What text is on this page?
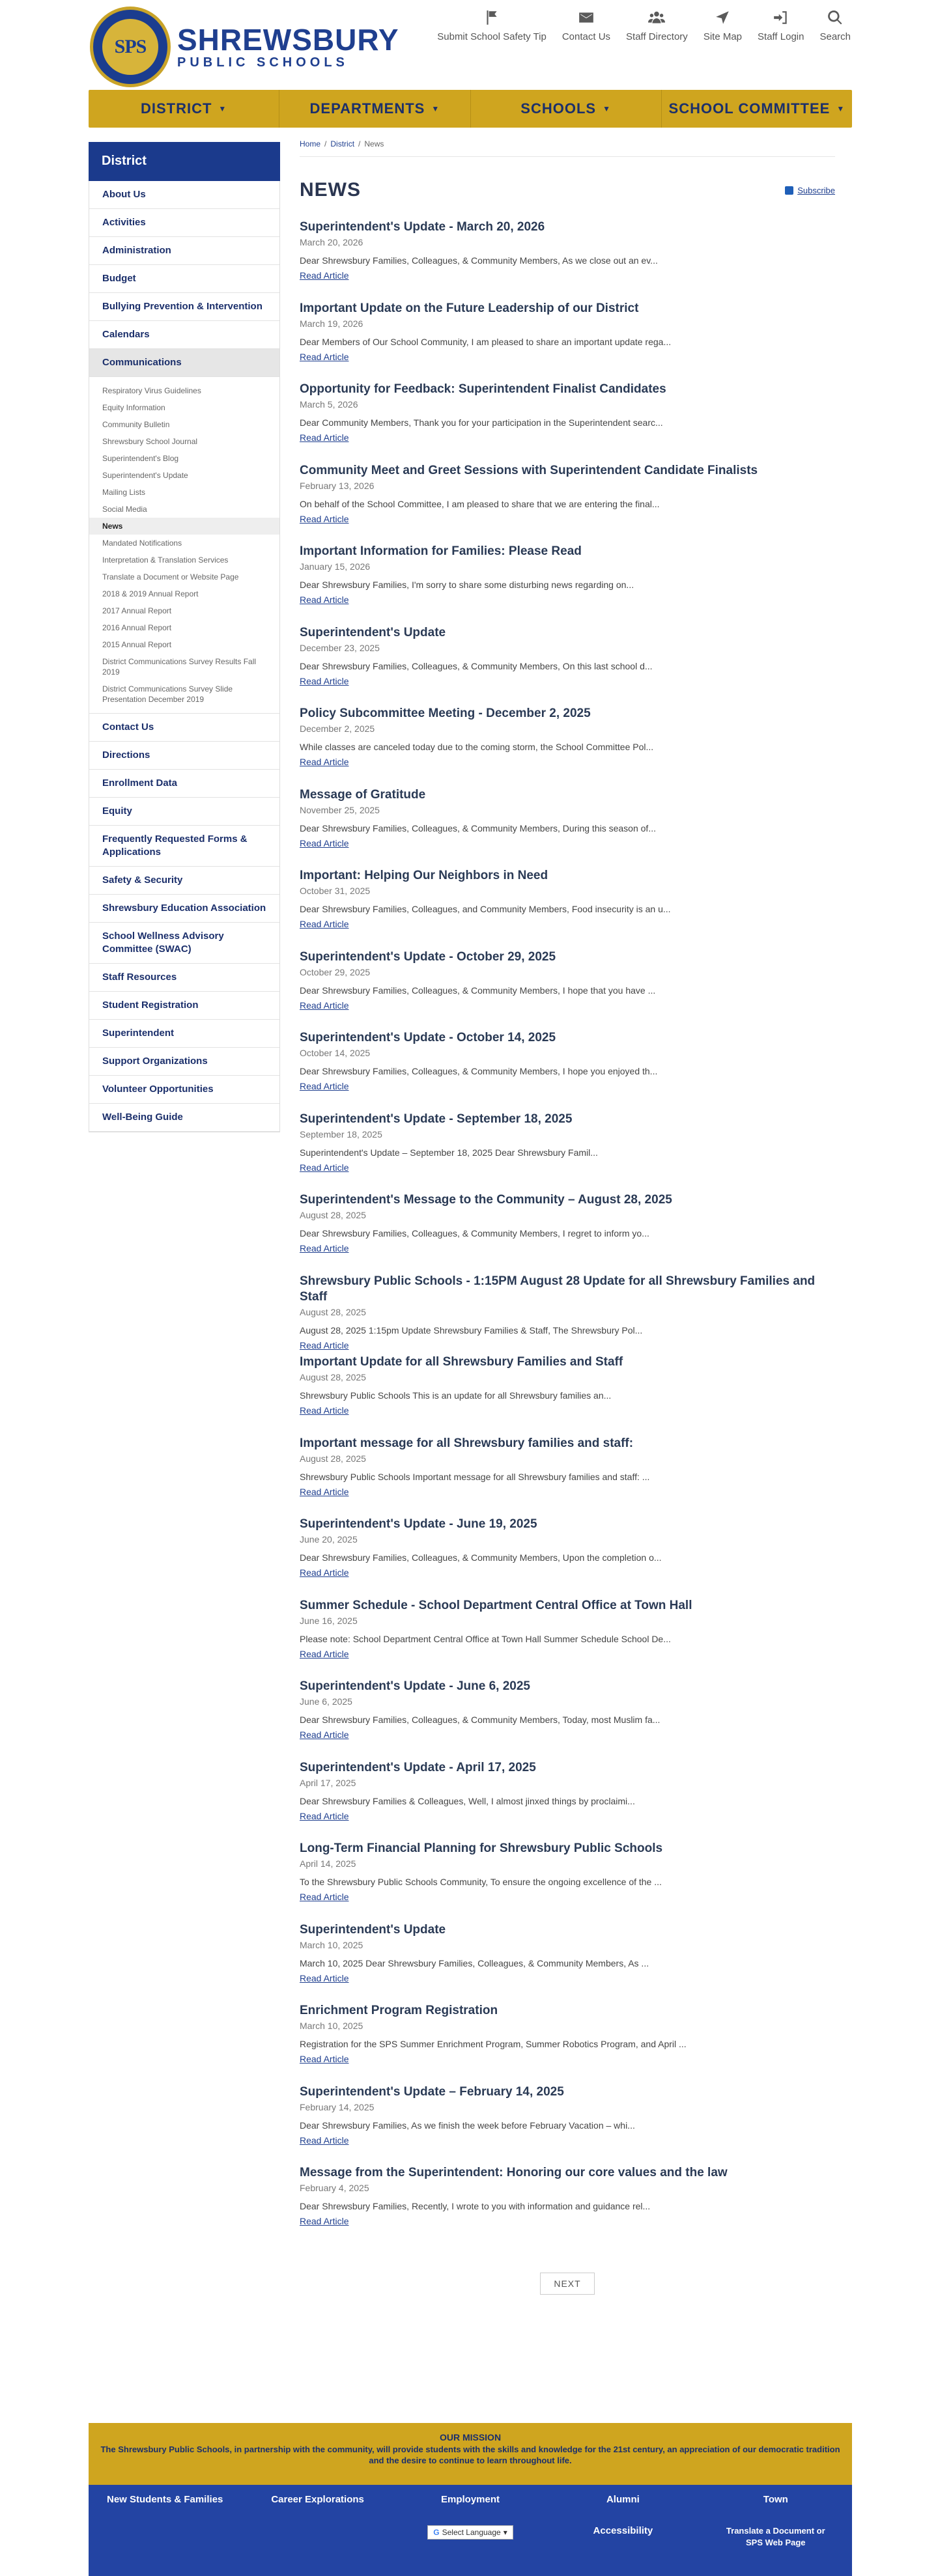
SPS	SHREWSBURY
PUBLIC SCHOOLS
Submit School Safety Tip Contact Us Staff Directory Site Map Staff Login Search
DISTRICT ▼	DEPARTMENTS ▼	SCHOOLS ▼	SCHOOL COMMITTEE ▼
District
About Us
Activities
Administration
Budget
Bullying Prevention & Intervention
Calendars
Communications
Respiratory Virus Guidelines
Equity Information
Community Bulletin
Shrewsbury School Journal
Superintendent's Blog
Superintendent's Update
Mailing Lists
Social Media
News
Mandated Notifications
Interpretation & Translation Services
Translate a Document or Website Page
2018 & 2019 Annual Report
2017 Annual Report
2016 Annual Report
2015 Annual Report
District Communications Survey Results Fall 2019
District Communications Survey Slide Presentation December 2019
Contact Us
Directions
Enrollment Data
Equity
Frequently Requested Forms & Applications
Safety & Security
Shrewsbury Education Association
School Wellness Advisory Committee (SWAC)
Staff Resources
Student Registration
Superintendent
Support Organizations
Volunteer Opportunities
Well-Being Guide
Home / District / News
NEWS	Subscribe
Superintendent's Update - March 20, 2026
March 20, 2026
Dear Shrewsbury Families, Colleagues, & Community Members, As we close out an ev...
Read Article
Important Update on the Future Leadership of our District
March 19, 2026
Dear Members of Our School Community, I am pleased to share an important update rega...
Read Article
Opportunity for Feedback: Superintendent Finalist Candidates
March 5, 2026
Dear Community Members, Thank you for your participation in the Superintendent searc...
Read Article
Community Meet and Greet Sessions with Superintendent Candidate Finalists
February 13, 2026
On behalf of the School Committee, I am pleased to share that we are entering the final...
Read Article
Important Information for Families: Please Read
January 15, 2026
Dear Shrewsbury Families, I'm sorry to share some disturbing news regarding on...
Read Article
Superintendent's Update
December 23, 2025
Dear Shrewsbury Families, Colleagues, & Community Members, On this last school d...
Read Article
Policy Subcommittee Meeting - December 2, 2025
December 2, 2025
While classes are canceled today due to the coming storm, the School Committee Pol...
Read Article
Message of Gratitude
November 25, 2025
Dear Shrewsbury Families, Colleagues, & Community Members, During this season of...
Read Article
Important: Helping Our Neighbors in Need
October 31, 2025
Dear Shrewsbury Families, Colleagues, and Community Members, Food insecurity is an u...
Read Article
Superintendent's Update - October 29, 2025
October 29, 2025
Dear Shrewsbury Families, Colleagues, & Community Members, I hope that you have ...
Read Article
Superintendent's Update - October 14, 2025
October 14, 2025
Dear Shrewsbury Families, Colleagues, & Community Members, I hope you enjoyed th...
Read Article
Superintendent's Update - September 18, 2025
September 18, 2025
Superintendent's Update – September 18, 2025 Dear Shrewsbury Famil...
Read Article
Superintendent's Message to the Community – August 28, 2025
August 28, 2025
Dear Shrewsbury Families, Colleagues, & Community Members, I regret to inform yo...
Read Article
Shrewsbury Public Schools - 1:15PM August 28 Update for all Shrewsbury Families and Staff
August 28, 2025
August 28, 2025 1:15pm Update Shrewsbury Families & Staff, The Shrewsbury Pol...
Read Article
Important Update for all Shrewsbury Families and Staff
August 28, 2025
Shrewsbury Public Schools This is an update for all Shrewsbury families an...
Read Article
Important message for all Shrewsbury families and staff:
August 28, 2025
Shrewsbury Public Schools Important message for all Shrewsbury families and staff: ...
Read Article
Superintendent's Update - June 19, 2025
June 20, 2025
Dear Shrewsbury Families, Colleagues, & Community Members, Upon the completion o...
Read Article
Summer Schedule - School Department Central Office at Town Hall
June 16, 2025
Please note: School Department Central Office at Town Hall Summer Schedule School De...
Read Article
Superintendent's Update - June 6, 2025
June 6, 2025
Dear Shrewsbury Families, Colleagues, & Community Members, Today, most Muslim fa...
Read Article
Superintendent's Update - April 17, 2025
April 17, 2025
Dear Shrewsbury Families & Colleagues, Well, I almost jinxed things by proclaimi...
Read Article
Long-Term Financial Planning for Shrewsbury Public Schools
April 14, 2025
To the Shrewsbury Public Schools Community, To ensure the ongoing excellence of the ...
Read Article
Superintendent's Update
March 10, 2025
March 10, 2025 Dear Shrewsbury Families, Colleagues, & Community Members, As ...
Read Article
Enrichment Program Registration
March 10, 2025
Registration for the SPS Summer Enrichment Program, Summer Robotics Program, and April ...
Read Article
Superintendent's Update – February 14, 2025
February 14, 2025
Dear Shrewsbury Families, As we finish the week before February Vacation – whi...
Read Article
Message from the Superintendent: Honoring our core values and the law
February 4, 2025
Dear Shrewsbury Families, Recently, I wrote to you with information and guidance rel...
Read Article
NEXT
OUR MISSION
The Shrewsbury Public Schools, in partnership with the community, will provide students with the skills and knowledge for the 21st century, an appreciation of our democratic tradition and the desire to continue to learn throughout life.
New Students & Families	Career Explorations	Employment
G Select Language ▾
Alumni
Accessibility
Town
Translate a Document or SPS Web Page
